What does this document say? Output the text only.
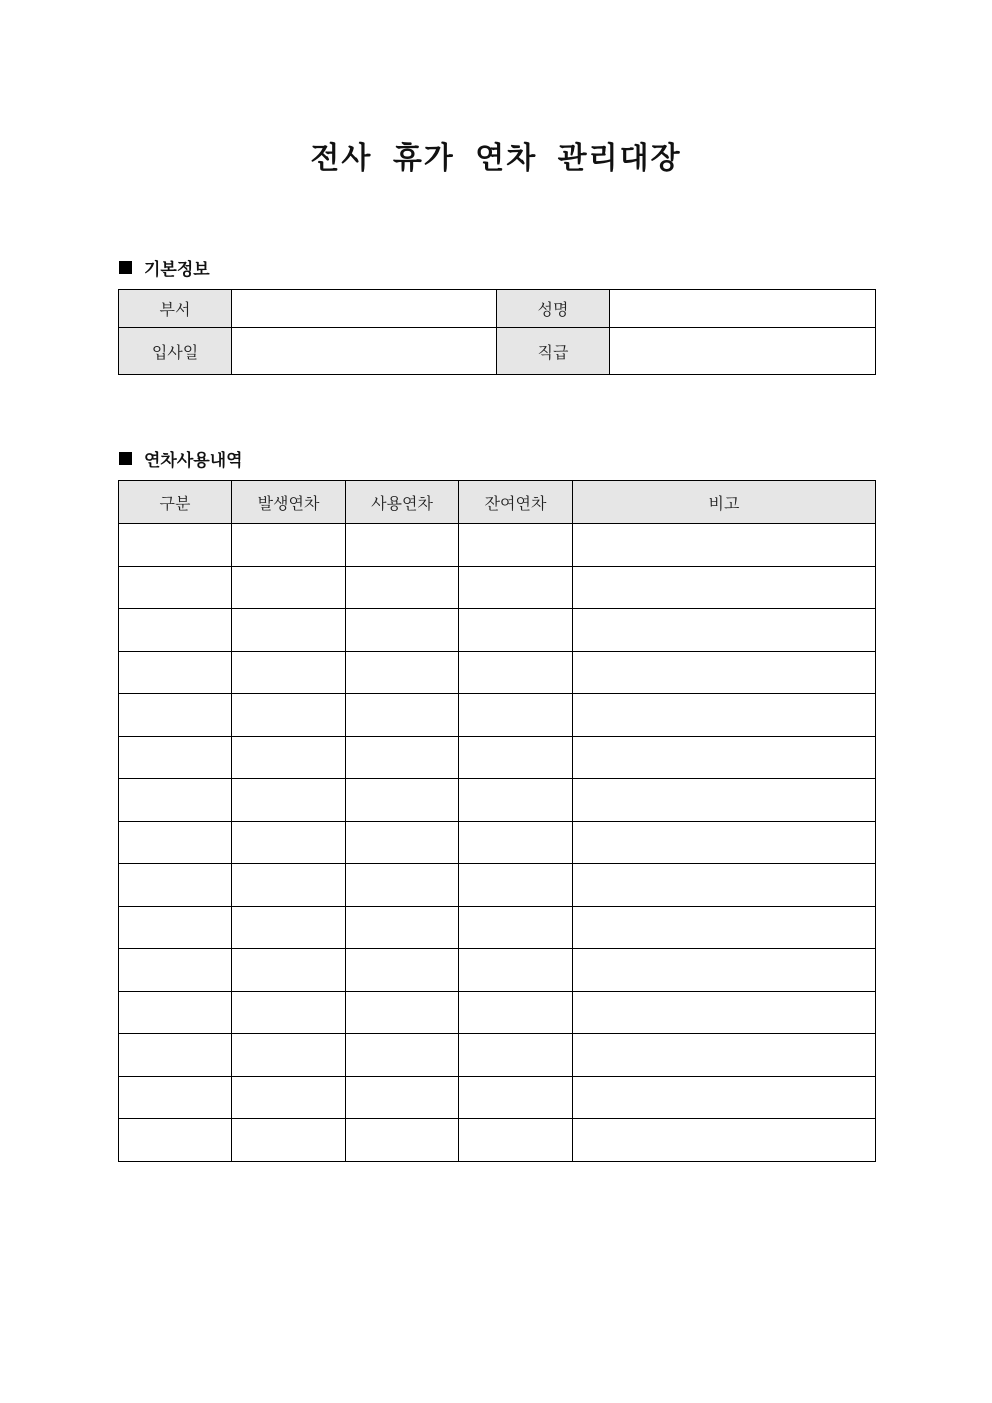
전사 휴가 연차 관리대장
기본정보
부서		성명	
입사일		직급	
연차사용내역
구분	발생연차	사용연차	잔여연차	비고
